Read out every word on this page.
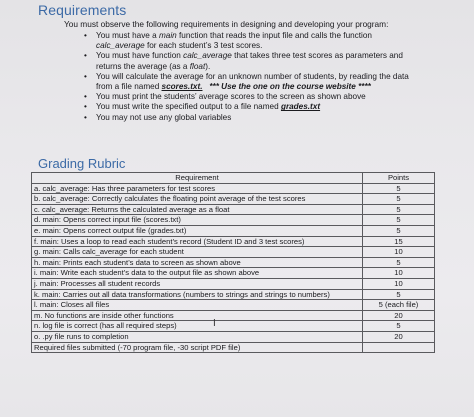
Requirements
You must observe the following requirements in designing and developing your program:
• You must have a main function that reads the input file and calls the function
calc_average for each student’s 3 test scores.
• You must have function calc_average that takes three test scores as parameters and
returns the average (as a float).
• You will calculate the average for an unknown number of students, by reading the data
from a file named scores.txt. *** Use the one on the course website ****
• You must print the students’ average scores to the screen as shown above
• You must write the specified output to a file named grades.txt
• You may not use any global variables
Grading Rubric
Requirement	Points
a. calc_average: Has three parameters for test scores	5
b. calc_average: Correctly calculates the floating point average of the test scores	5
c. calc_average: Returns the calculated average as a float	5
d. main: Opens correct input file (scores.txt)	5
e. main: Opens correct output file (grades.txt)	5
f. main: Uses a loop to read each student’s record (Student ID and 3 test scores)	15
g. main: Calls calc_average for each student	10
h. main: Prints each student’s data to screen as shown above	5
i. main: Write each student’s data to the output file as shown above	10
j. main: Processes all student records	10
k. main: Carries out all data transformations (numbers to strings and strings to numbers)	5
l. main: Closes all files	5 (each file)
m. No functions are inside other functions	20
n. log file is correct (has all required steps)	5
o. .py file runs to completion	20
Required files submitted (-70 program file, -30 script PDF file)	
I
